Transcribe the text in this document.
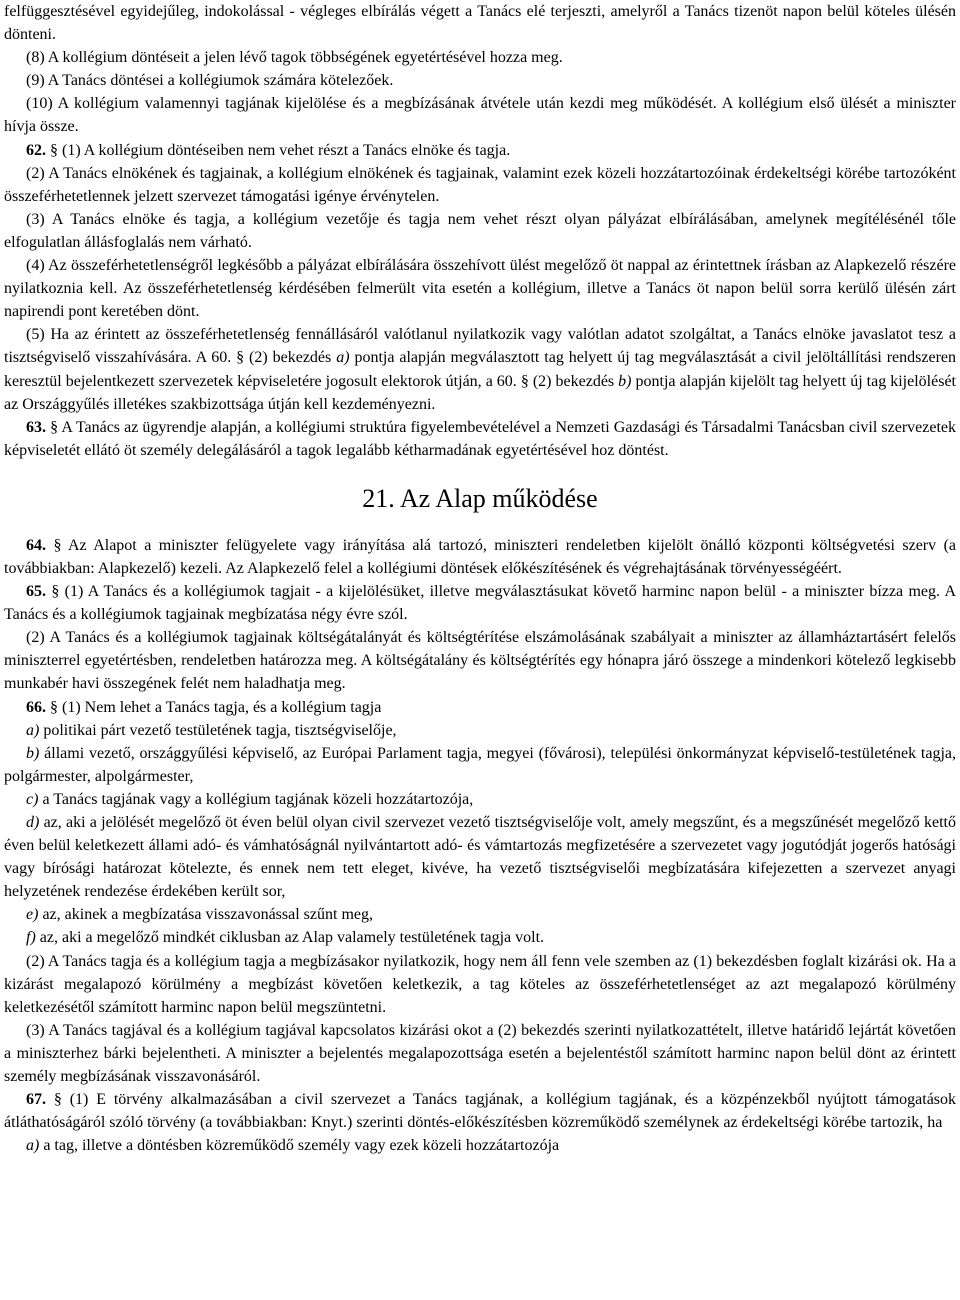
felfüggesztésével egyidejűleg, indokolással - végleges elbírálás végett a Tanács elé terjeszti, amelyről a Tanács tizenöt napon belül köteles ülésén dönteni.

(8) A kollégium döntéseit a jelen lévő tagok többségének egyetértésével hozza meg.

(9) A Tanács döntései a kollégiumok számára kötelezőek.

(10) A kollégium valamennyi tagjának kijelölése és a megbízásának átvétele után kezdi meg működését. A kollégium első ülését a miniszter hívja össze.

62. § (1) A kollégium döntéseiben nem vehet részt a Tanács elnöke és tagja.

(2) A Tanács elnökének és tagjainak, a kollégium elnökének és tagjainak, valamint ezek közeli hozzátartozóinak érdekeltségi körébe tartozóként összeférhetetlennek jelzett szervezet támogatási igénye érvénytelen.

(3) A Tanács elnöke és tagja, a kollégium vezetője és tagja nem vehet részt olyan pályázat elbírálásában, amelynek megítélésénél tőle elfogulatlan állásfoglalás nem várható.

(4) Az összeférhetetlenségről legkésőbb a pályázat elbírálására összehívott ülést megelőző öt nappal az érintettnek írásban az Alapkezelő részére nyilatkoznia kell. Az összeférhetetlenség kérdésében felmerült vita esetén a kollégium, illetve a Tanács öt napon belül sorra kerülő ülésén zárt napirendi pont keretében dönt.

(5) Ha az érintett az összeférhetetlenség fennállásáról valótlanul nyilatkozik vagy valótlan adatot szolgáltat, a Tanács elnöke javaslatot tesz a tisztségviselő visszahívására. A 60. § (2) bekezdés a) pontja alapján megválasztott tag helyett új tag megválasztását a civil jelöltállítási rendszeren keresztül bejelentkezett szervezetek képviseletére jogosult elektorok útján, a 60. § (2) bekezdés b) pontja alapján kijelölt tag helyett új tag kijelölését az Országgyűlés illetékes szakbizottsága útján kell kezdeményezni.

63. § A Tanács az ügyrendje alapján, a kollégiumi struktúra figyelembevételével a Nemzeti Gazdasági és Társadalmi Tanácsban civil szervezetek képviseletét ellátó öt személy delegálásáról a tagok legalább kétharmadának egyetértésével hoz döntést.

21. Az Alap működése

64. § Az Alapot a miniszter felügyelete vagy irányítása alá tartozó, miniszteri rendeletben kijelölt önálló központi költségvetési szerv (a továbbiakban: Alapkezelő) kezeli. Az Alapkezelő felel a kollégiumi döntések előkészítésének és végrehajtásának törvényességéért.

65. § (1) A Tanács és a kollégiumok tagjait - a kijelölésüket, illetve megválasztásukat követő harminc napon belül - a miniszter bízza meg. A Tanács és a kollégiumok tagjainak megbízatása négy évre szól.

(2) A Tanács és a kollégiumok tagjainak költségátalányát és költségtérítése elszámolásának szabályait a miniszter az államháztartásért felelős miniszterrel egyetértésben, rendeletben határozza meg. A költségátalány és költségtérítés egy hónapra járó összege a mindenkori kötelező legkisebb munkabér havi összegének felét nem haladhatja meg.

66. § (1) Nem lehet a Tanács tagja, és a kollégium tagja

a) politikai párt vezető testületének tagja, tisztségviselője,

b) állami vezető, országgyűlési képviselő, az Európai Parlament tagja, megyei (fővárosi), települési önkormányzat képviselő-testületének tagja, polgármester, alpolgármester,

c) a Tanács tagjának vagy a kollégium tagjának közeli hozzátartozója,

d) az, aki a jelölését megelőző öt éven belül olyan civil szervezet vezető tisztségviselője volt, amely megszűnt, és a megszűnését megelőző kettő éven belül keletkezett állami adó- és vámhatóságnál nyilvántartott adó- és vámtartozás megfizetésére a szervezetet vagy jogutódját jogerős hatósági vagy bírósági határozat kötelezte, és ennek nem tett eleget, kivéve, ha vezető tisztségviselői megbízatására kifejezetten a szervezet anyagi helyzetének rendezése érdekében került sor,

e) az, akinek a megbízatása visszavonással szűnt meg,

f) az, aki a megelőző mindkét ciklusban az Alap valamely testületének tagja volt.

(2) A Tanács tagja és a kollégium tagja a megbízásakor nyilatkozik, hogy nem áll fenn vele szemben az (1) bekezdésben foglalt kizárási ok. Ha a kizárást megalapozó körülmény a megbízást követően keletkezik, a tag köteles az összeférhetetlenséget az azt megalapozó körülmény keletkezésétől számított harminc napon belül megszüntetni.

(3) A Tanács tagjával és a kollégium tagjával kapcsolatos kizárási okot a (2) bekezdés szerinti nyilatkozattételt, illetve határidő lejártát követően a miniszterhez bárki bejelentheti. A miniszter a bejelentés megalapozottsága esetén a bejelentéstől számított harminc napon belül dönt az érintett személy megbízásának visszavonásáról.

67. § (1) E törvény alkalmazásában a civil szervezet a Tanács tagjának, a kollégium tagjának, és a közpénzekből nyújtott támogatások átláthatóságáról szóló törvény (a továbbiakban: Knyt.) szerinti döntés-előkészítésben közreműködő személynek az érdekeltségi körébe tartozik, ha

a) a tag, illetve a döntésben közreműködő személy vagy ezek közeli hozzátartozója
